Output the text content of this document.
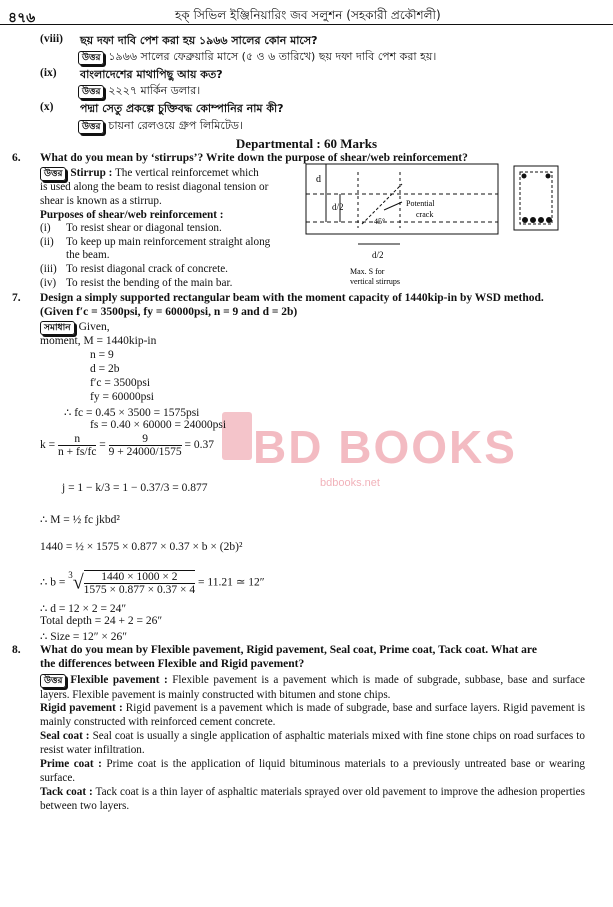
৪৭৬	হক্ সিভিল ইঞ্জিনিয়ারিং জব সলুশন (সহকারী প্রকৌশলী)
(viii) ছয় দফা দাবি পেশ করা হয় ১৯৬৬ সালের কোন মাসে?
উত্তর ১৯৬৬ সালের ফেব্রুয়ারি মাসে (৫ ও ৬ তারিখে) ছয় দফা দাবি পেশ করা হয়।
(ix) বাংলাদেশের মাথাপিছু আয় কত?
উত্তর ২২২৭ মার্কিন ডলার।
(x) পদ্মা সেতু প্রকল্পে চুক্তিবদ্ধ কোম্পানির নাম কী?
উত্তর চায়না রেলওয়ে গ্রুপ লিমিটেড।
Departmental : 60 Marks
6. What do you mean by ‘stirrups’? Write down the purpose of shear/web reinforcement?
উত্তর Stirrup : The vertical reinforcemet which
is used along the beam to resist diagonal tension or
shear is known as a stirrup.
Purposes of shear/web reinforcement :
(i) To resist shear or diagonal tension.
(ii) To keep up main reinforcement straight along
the beam.
(iii) To resist diagonal crack of concrete.
(iv) To resist the bending of the main bar.
d
d/2
45°
Potential
crack
d/2
Max. S for
vertical stirrups
BD BOOKS
bdbooks.net
7. Design a simply supported rectangular beam with the moment capacity of 1440kip-in by WSD method.
(Given f′c = 3500psi, fy = 60000psi, n = 9 and d = 2b)
সমাধান Given,
moment, M = 1440kip-in
n = 9
d = 2b
f′c = 3500psi
fy = 60000psi
∴ fc = 0.45 × 3500 = 1575psi
fs = 0.40 × 60000 = 24000psi
$k = \frac{n}{n + fs/fc} = \frac{9}{9 + 24000/1575} = 0.37$
j = 1 − k/3 = 1 − 0.37/3 = 0.877
∴ M = ½ fc jkbd²
1440 = ½ × 1575 × 0.877 × 0.37 × b × (2b)²
∴ $b = ^3√ \frac{1440 \times 1000 \times 2}{1575 \times 0.877 \times 0.37 \times 4} = 11.21$ ≃ 12″
∴ d = 12 × 2 = 24″
Total depth = 24 + 2 = 26″
∴ Size = 12″ × 26″
8. What do you mean by Flexible pavement, Rigid pavement, Seal coat, Prime coat, Tack coat. What are
the differences between Flexible and Rigid pavement?
উত্তর Flexible pavement : Flexible pavement is a pavement which is made of subgrade, subbase, base and surface layers. Flexible pavement is mainly constructed with bitumen and stone chips.
Rigid pavement : Rigid pavement is a pavement which is made of subgrade, base and surface layers. Rigid pavement is mainly constructed with reinforced cement concrete.
Seal coat : Seal coat is usually a single application of asphaltic materials mixed with fine stone chips on road surfaces to resist water infiltration.
Prime coat : Prime coat is the application of liquid bituminous materials to a previously untreated base or wearing surface.
Tack coat : Tack coat is a thin layer of asphaltic materials sprayed over old pavement to improve the adhesion properties between two layers.
